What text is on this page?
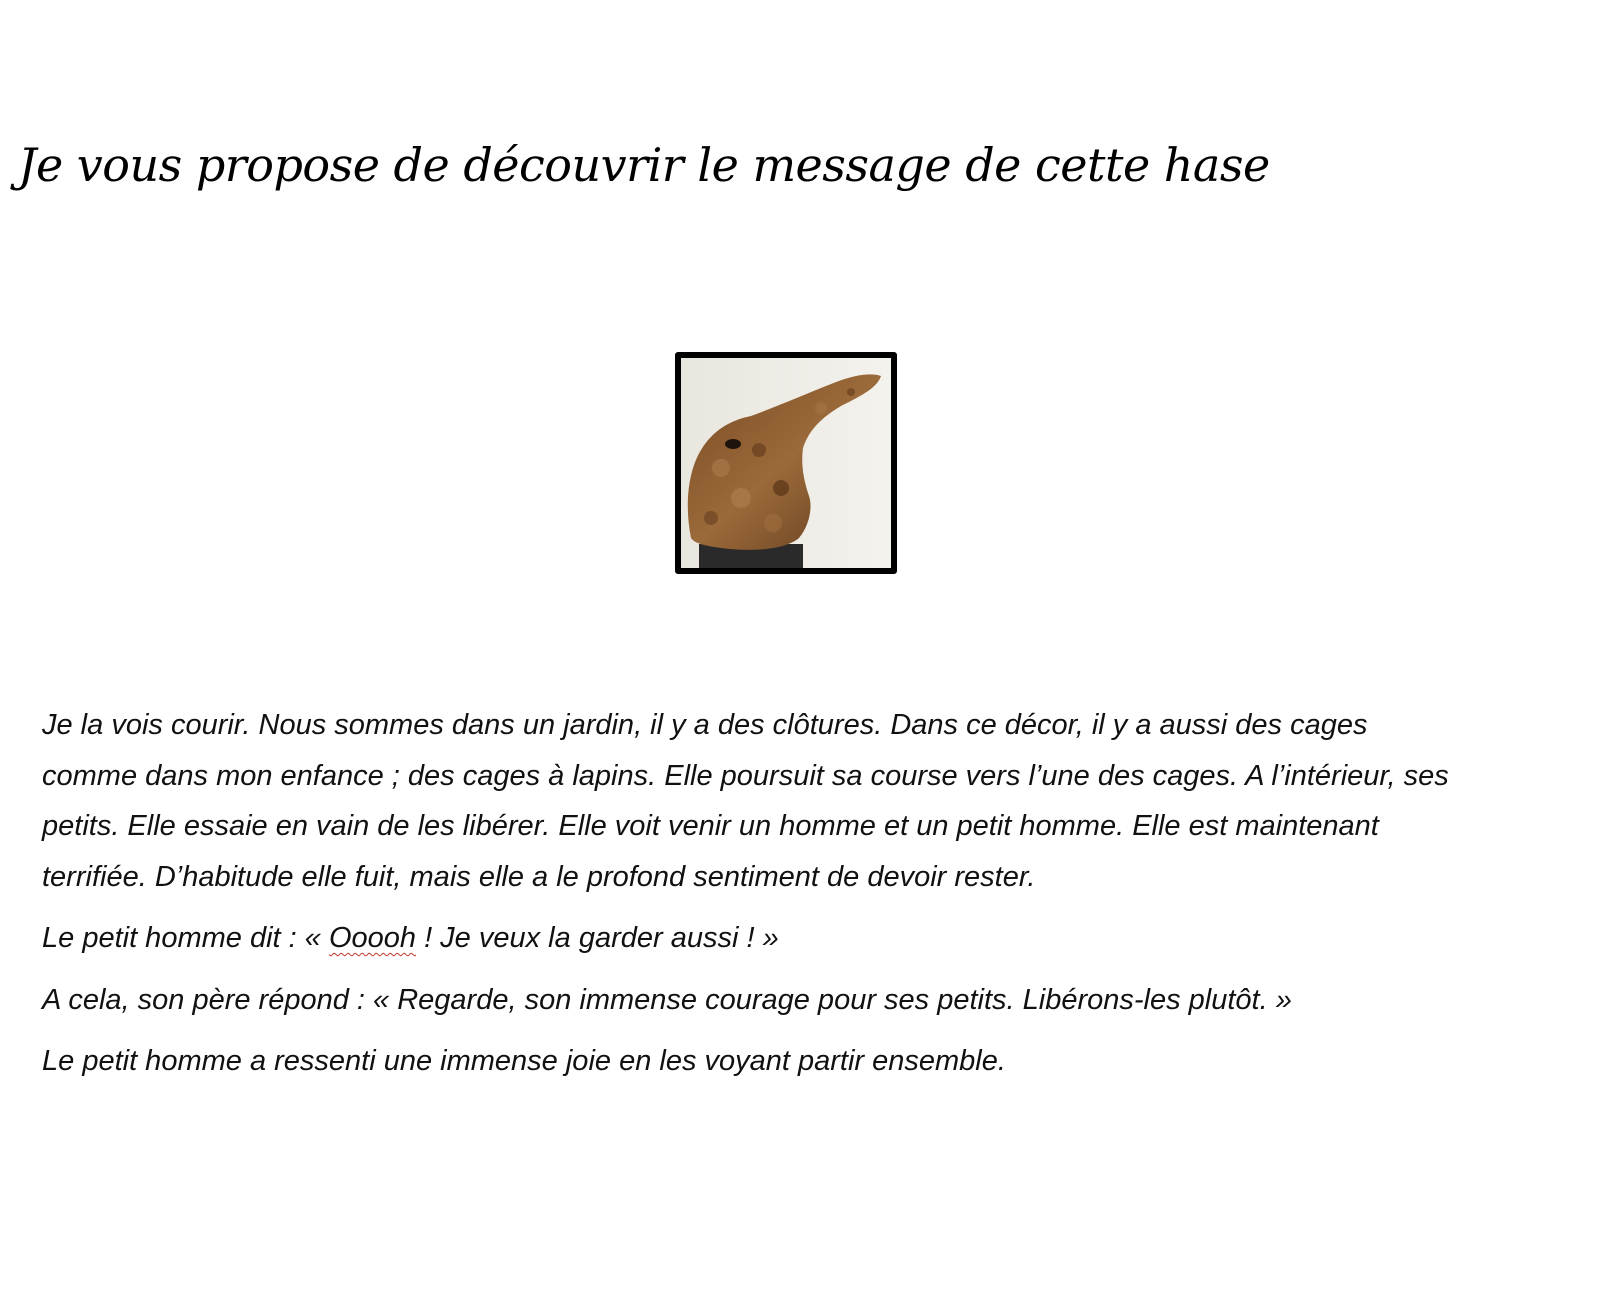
Je vous propose de découvrir le message de cette hase

Je la vois courir. Nous sommes dans un jardin, il y a des clôtures. Dans ce décor, il y a aussi des cages
comme dans mon enfance ; des cages à lapins. Elle poursuit sa course vers l’une des cages. A l’intérieur, ses
petits. Elle essaie en vain de les libérer. Elle voit venir un homme et un petit homme. Elle est maintenant
terrifiée. D’habitude elle fuit, mais elle a le profond sentiment de devoir rester.

Le petit homme dit : « Ooooh ! Je veux la garder aussi ! »

A cela, son père répond : « Regarde, son immense courage pour ses petits. Libérons-les plutôt. »

Le petit homme a ressenti une immense joie en les voyant partir ensemble.
